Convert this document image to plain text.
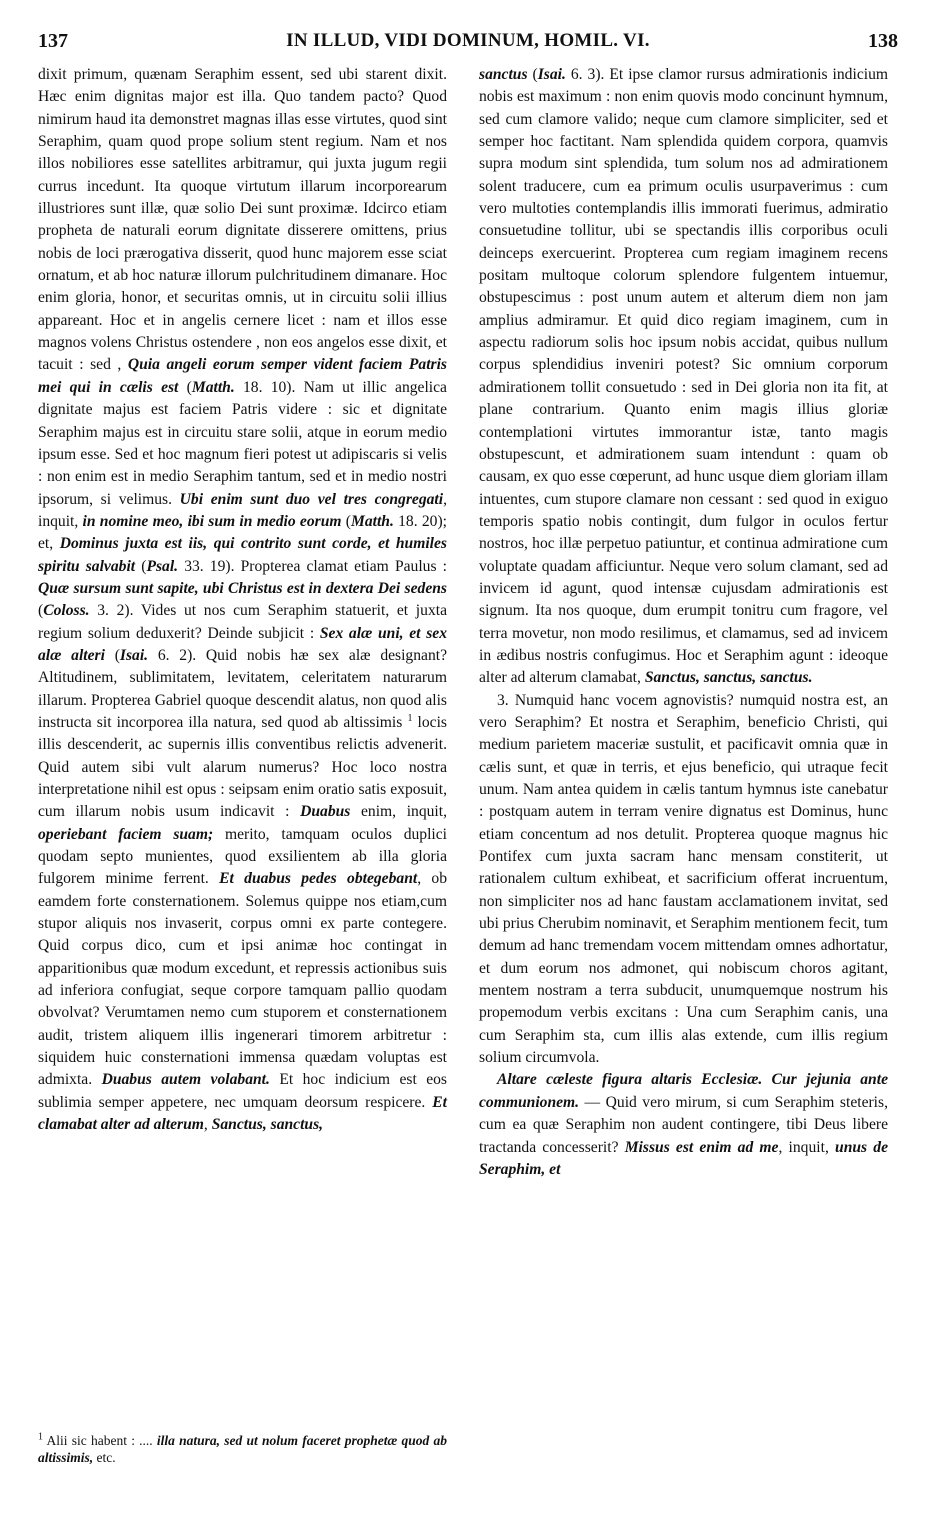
137	IN ILLUD, VIDI DOMINUM, HOMIL. VI.	138

dixit primum, quænam Seraphim essent, sed ubi starent dixit. Hæc enim dignitas major est illa. Quo tandem pacto? Quod nimirum haud ita demonstret magnas illas esse virtutes, quod sint Seraphim, quam quod prope solium stent regium. Nam et nos illos nobiliores esse satellites arbitramur, qui juxta jugum regii currus incedunt. Ita quoque virtutum illarum incorporearum illustriores sunt illæ, quæ solio Dei sunt proximæ. Idcirco etiam propheta de naturali eorum dignitate disserere omittens, prius nobis de loci prærogativa disserit, quod hunc majorem esse sciat ornatum, et ab hoc naturæ illorum pulchritudinem dimanare. Hoc enim gloria, honor, et securitas omnis, ut in circuitu solii illius appareant. Hoc et in angelis cernere licet : nam et illos esse magnos volens Christus ostendere , non eos angelos esse dixit, et tacuit : sed , Quia angeli eorum semper vident faciem Patris mei qui in cælis est (Matth. 18. 10). Nam ut illic angelica dignitate majus est faciem Patris videre : sic et dignitate Seraphim majus est in circuitu stare solii, atque in eorum medio ipsum esse. Sed et hoc magnum fieri potest ut adipiscaris si velis : non enim est in medio Seraphim tantum, sed et in medio nostri ipsorum, si velimus. Ubi enim sunt duo vel tres congregati, inquit, in nomine meo, ibi sum in medio eorum (Matth. 18. 20); et, Dominus juxta est iis, qui contrito sunt corde, et humiles spiritu salvabit (Psal. 33. 19). Propterea clamat etiam Paulus : Quæ sursum sunt sapite, ubi Christus est in dextera Dei sedens (Coloss. 3. 2). Vides ut nos cum Seraphim statuerit, et juxta regium solium deduxerit? Deinde subjicit : Sex alæ uni, et sex alæ alteri (Isai. 6. 2). Quid nobis hæ sex alæ designant? Altitudinem, sublimitatem, levitatem, celeritatem naturarum illarum. Propterea Gabriel quoque descendit alatus, non quod alis instructa sit incorporea illa natura, sed quod ab altissimis $^1$ locis illis descenderit, ac supernis illis conventibus relictis advenerit. Quid autem sibi vult alarum numerus? Hoc loco nostra interpretatione nihil est opus : seipsam enim oratio satis exposuit, cum illarum nobis usum indicavit : Duabus enim, inquit, operiebant faciem suam; merito, tamquam oculos duplici quodam septo munientes, quod exsilientem ab illa gloria fulgorem minime ferrent. Et duabus pedes obtegebant, ob eamdem forte consternationem. Solemus quippe nos etiam,cum stupor aliquis nos invaserit, corpus omni ex parte contegere. Quid corpus dico, cum et ipsi animæ hoc contingat in apparitionibus quæ modum excedunt, et repressis actionibus suis ad inferiora confugiat, seque corpore tamquam pallio quodam obvolvat? Verumtamen nemo cum stuporem et consternationem audit, tristem aliquem illis ingenerari timorem arbitretur : siquidem huic consternationi immensa quædam voluptas est admixta. Duabus autem volabant. Et hoc indicium est eos sublimia semper appetere, nec umquam deorsum respicere. Et clamabat alter ad alterum, Sanctus, sanctus,

$^1$ Alii sic habent : .... illa natura, sed ut nolum faceret prophetæ quod ab altissimis, etc.

sanctus (Isai. 6. 3). Et ipse clamor rursus admirationis indicium nobis est maximum : non enim quovis modo concinunt hymnum, sed cum clamore valido; neque cum clamore simpliciter, sed et semper hoc factitant. Nam splendida quidem corpora, quamvis supra modum sint splendida, tum solum nos ad admirationem solent traducere, cum ea primum oculis usurpaverimus : cum vero multoties contemplandis illis immorati fuerimus, admiratio consuetudine tollitur, ubi se spectandis illis corporibus oculi deinceps exercuerint. Propterea cum regiam imaginem recens positam multoque colorum splendore fulgentem intuemur, obstupescimus : post unum autem et alterum diem non jam amplius admiramur. Et quid dico regiam imaginem, cum in aspectu radiorum solis hoc ipsum nobis accidat, quibus nullum corpus splendidius inveniri potest? Sic omnium corporum admirationem tollit consuetudo : sed in Dei gloria non ita fit, at plane contrarium. Quanto enim magis illius gloriæ contemplationi virtutes immorantur istæ, tanto magis obstupescunt, et admirationem suam intendunt : quam ob causam, ex quo esse cœperunt, ad hunc usque diem gloriam illam intuentes, cum stupore clamare non cessant : sed quod in exiguo temporis spatio nobis contingit, dum fulgor in oculos fertur nostros, hoc illæ perpetuo patiuntur, et continua admiratione cum voluptate quadam afficiuntur. Neque vero solum clamant, sed ad invicem id agunt, quod intensæ cujusdam admirationis est signum. Ita nos quoque, dum erumpit tonitru cum fragore, vel terra movetur, non modo resilimus, et clamamus, sed ad invicem in ædibus nostris confugimus. Hoc et Seraphim agunt : ideoque alter ad alterum clamabat, Sanctus, sanctus, sanctus.

3. Numquid hanc vocem agnovistis? numquid nostra est, an vero Seraphim? Et nostra et Seraphim, beneficio Christi, qui medium parietem maceriæ sustulit, et pacificavit omnia quæ in cælis sunt, et quæ in terris, et ejus beneficio, qui utraque fecit unum. Nam antea quidem in cælis tantum hymnus iste canebatur : postquam autem in terram venire dignatus est Dominus, hunc etiam concentum ad nos detulit. Propterea quoque magnus hic Pontifex cum juxta sacram hanc mensam constiterit, ut rationalem cultum exhibeat, et sacrificium offerat incruentum, non simpliciter nos ad hanc faustam acclamationem invitat, sed ubi prius Cherubim nominavit, et Seraphim mentionem fecit, tum demum ad hanc tremendam vocem mittendam omnes adhortatur, et dum eorum nos admonet, qui nobiscum choros agitant, mentem nostram a terra subducit, unumquemque nostrum his propemodum verbis excitans : Una cum Seraphim canis, una cum Seraphim sta, cum illis alas extende, cum illis regium solium circumvola.

Altare cæleste figura altaris Ecclesiæ. Cur jejunia ante communionem. — Quid vero mirum, si cum Seraphim steteris, cum ea quæ Seraphim non audent contingere, tibi Deus libere tractanda concesserit? Missus est enim ad me, inquit, unus de Seraphim, et
